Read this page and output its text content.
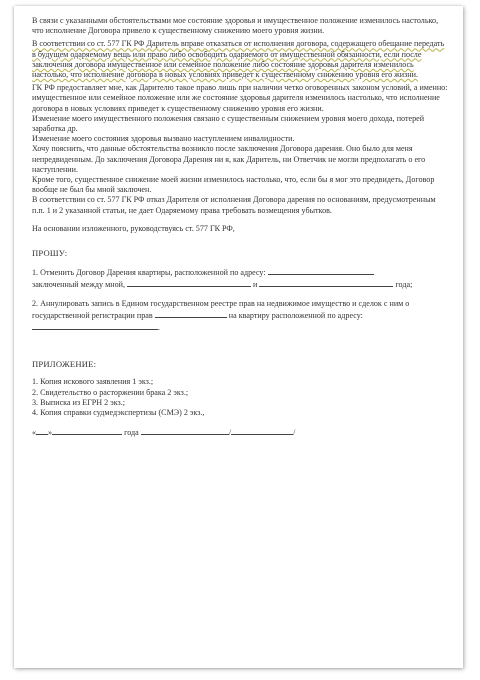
В связи с указанными обстоятельствами мое состояние здоровья и имущественное положение изменилось настолько, что исполнение Договора привело к существенному снижению моего уровня жизни.

В соответствии со ст. 577 ГК РФ Даритель вправе отказаться от исполнения договора, содержащего обещание передать в будущем одаряемому вещь или право либо освободить одаряемого от имущественной обязанности, если после заключения договора имущественное или семейное положение либо состояние здоровья дарителя изменилось настолько, что исполнение договора в новых условиях приведет к существенному снижению уровня его жизни.

ГК РФ предоставляет мне, как Дарителю такое право лишь при наличии четко оговоренных законом условий, а именно:

имущественное или семейное положение или же состояние здоровья дарителя изменилось настолько, что исполнение договора в новых условиях приведет к существенному снижению уровня его жизни.

Изменение моего имущественного положения связано с существенным снижением уровня моего дохода, потерей заработка др.

Изменение моего состояния здоровья вызвано наступлением инвалидности.

Хочу пояснить, что данные обстоятельства возникло после заключения Договора дарения. Оно было для меня непредвиденным. До заключения Договора Дарения ни я, как Даритель, ни Ответчик не могли предполагать о его наступлении.

Кроме того, существенное снижение моей жизни изменилось настолько, что, если бы я мог это предвидеть, Договор вообще не был бы мной заключен.

В соответствии со ст. 577 ГК РФ отказ Дарителя от исполнения Договора дарения по основаниям, предусмотренным п.п. 1 и 2 указанной статьи, не дает Одаряемому права требовать возмещения убытков.

На основании изложенного, руководствуясь ст. 577 ГК РФ,

ПРОШУ:

1. Отменить Договор Дарения квартиры, расположенной по адресу:

заключенный между мной,	и	года;

2. Аннулировать запись в Едином государственном реестре прав на недвижимое имущество и сделок с ним о государственной регистрации прав	на квартиру расположенной по адресу: .

ПРИЛОЖЕНИЕ:

1. Копия искового заявления 1 экз.;

2. Свидетельство о расторжении брака 2 экз.;

3. Выписка из ЕГРН 2 экз.;

4. Копия справки судмедэкспертизы (СМЭ) 2 экз.,

« »	года	/	/
